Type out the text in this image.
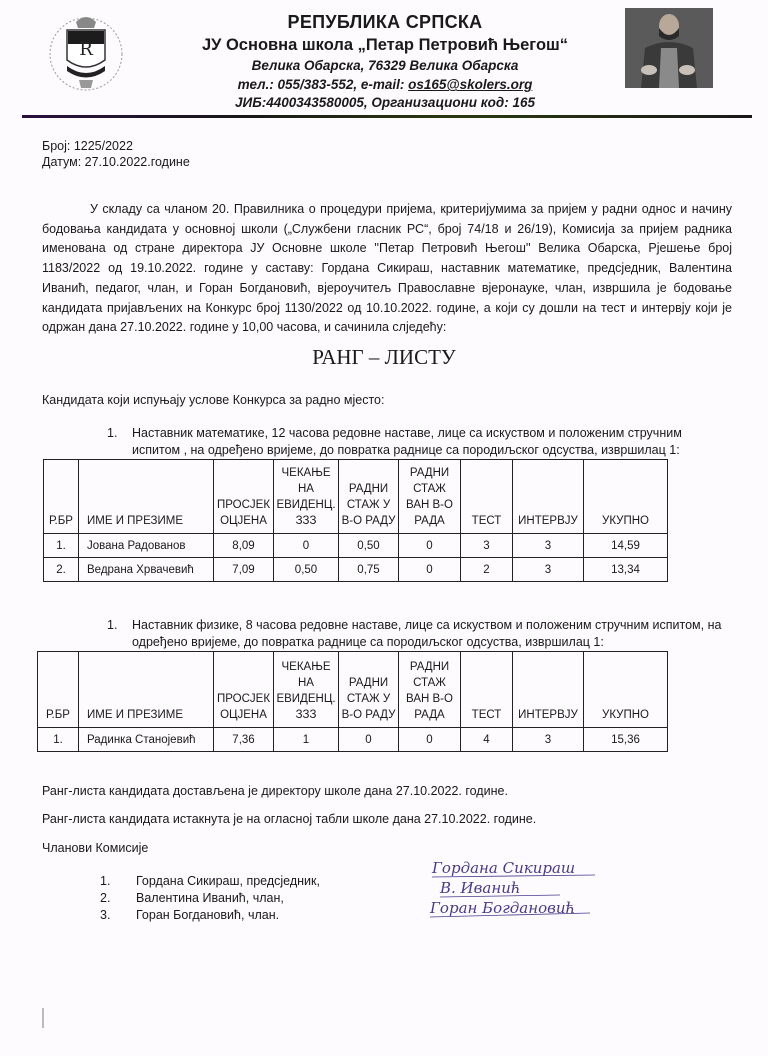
R
РЕПУБЛИКА СРПСКА
ЈУ Основна школа „Петар Петровић Његош“
Велика Обарска, 76329 Велика Обарска
тел.: 055/383-552, e-mail: os165@skolers.org
ЈИБ:4400343580005, Организациони код: 165
Број: 1225/2022
Датум: 27.10.2022.године
У складу са чланом 20. Правилника о процедури пријема, критеријумима за пријем у радни однос и начину бодовања кандидата у основној школи („Службени гласник РС“, број 74/18 и 26/19), Комисија за пријем радника именована од стране директора ЈУ Основне школе ''Петар Петровић Његош'' Велика Обарска, Рјешење број 1183/2022 од 19.10.2022. године у саставу: Гордана Сикираш, наставник математике, предсједник, Валентина Иванић, педагог, члан, и Горан Богдановић, вјероучитељ Православне вјеронауке, члан, извршила је бодовање кандидата пријављених на Конкурс број 1130/2022 од 10.10.2022. године, а који су дошли на тест и интервју који је одржан дана 27.10.2022. године у 10,00 часова, и сачинила слједећу:
РАНГ – ЛИСТУ
Кандидата који испуњају услове Конкурса за радно мјесто:
1. Наставник математике, 12 часова редовне наставе, лице са искуством и положеним стручним испитом , на одређено вријеме, до повратка раднице са породиљског одсуства, извршилац 1:
Р.БР	ИМЕ И ПРЕЗИМЕ	ПРОСЈЕК ОЦЈЕНА	ЧЕКАЊЕ НА ЕВИДЕНЦ. ЗЗЗ	РАДНИ СТАЖ У В-О РАДУ	РАДНИ СТАЖ ВАН В-О РАДА	ТЕСТ	ИНТЕРВЈУ	УКУПНО
1.	Јована Радованов	8,09	0	0,50	0	3	3	14,59
2.	Ведрана Хрвачевић	7,09	0,50	0,75	0	2	3	13,34
1. Наставник физике, 8 часова редовне наставе, лице са искуством и положеним стручним испитом, на одређено вријеме, до повратка раднице са породиљског одсуства, извршилац 1:
Р.БР	ИМЕ И ПРЕЗИМЕ	ПРОСЈЕК ОЦЈЕНА	ЧЕКАЊЕ НА ЕВИДЕНЦ. ЗЗЗ	РАДНИ СТАЖ У В-О РАДУ	РАДНИ СТАЖ ВАН В-О РАДА	ТЕСТ	ИНТЕРВЈУ	УКУПНО
1.	Радинка Станојевић	7,36	1	0	0	4	3	15,36
Ранг-листа кандидата достављена је директору школе дана 27.10.2022. године.
Ранг-листа кандидата истакнута је на огласној табли школе дана 27.10.2022. године.
Чланови Комисије
1.	Гордана Сикираш, предсједник,
2.	Валентина Иванић, члан,
3.	Горан Богдановић, члан.
Гордана Сикираш
В. Иванић
Горан Богдановић
